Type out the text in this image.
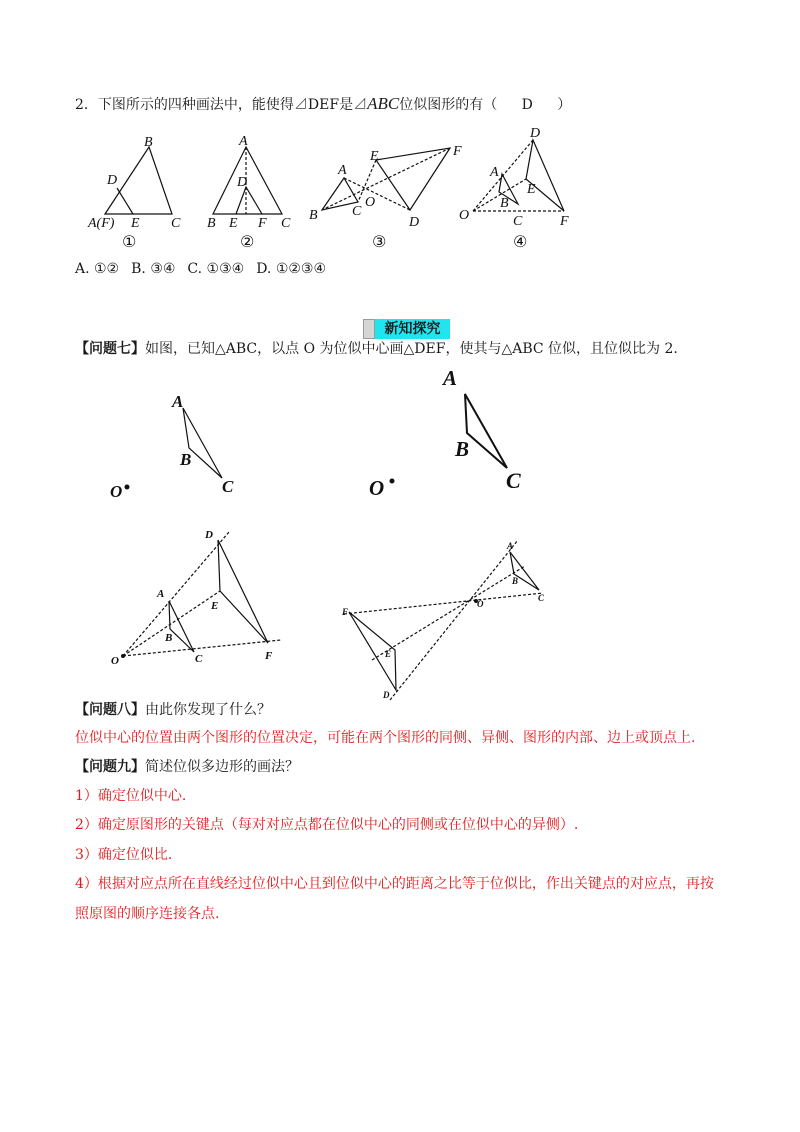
2．下图所示的四种画法中，能使得⊿DEF是⊿ABC位似图形的有（ D ）
B
D
A(F) E C
①
A
D
B E F C
②
A
E	F
B C
O
D
③
D
A
E
B
O	C	F
④
A
B
C
O
A
B
C
O
D
A
E
B
O	C	F
A
B
O
C
F
E
D
A. ①② B. ③④ C. ①③④ D. ①②③④
新知探究
【问题七】如图，已知△ABC，以点 O 为位似中心画△DEF，使其与△ABC 位似，且位似比为 2.
【问题八】由此你发现了什么？
位似中心的位置由两个图形的位置决定，可能在两个图形的同侧、异侧、图形的内部、边上或顶点上.
【问题九】简述位似多边形的画法？
1）确定位似中心.
2）确定原图形的关键点（每对对应点都在位似中心的同侧或在位似中心的异侧）.
3）确定位似比.
4）根据对应点所在直线经过位似中心且到位似中心的距离之比等于位似比，作出关键点的对应点，再按
照原图的顺序连接各点.
